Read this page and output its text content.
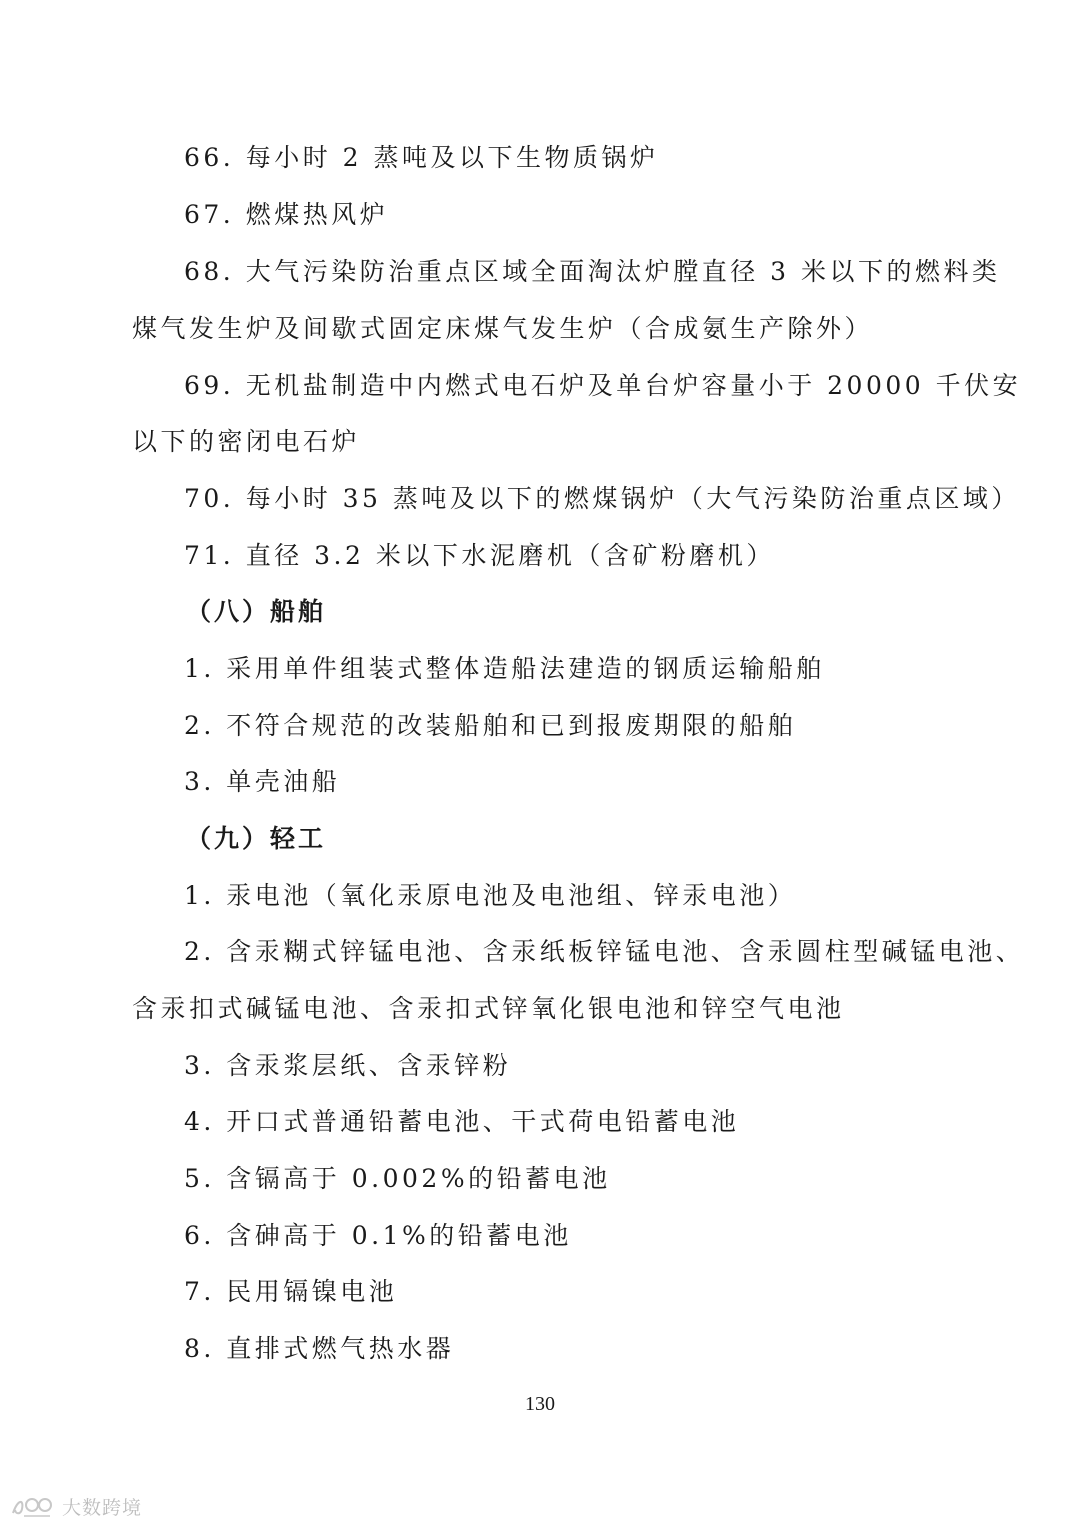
66. 每小时 2 蒸吨及以下生物质锅炉
67. 燃煤热风炉
68. 大气污染防治重点区域全面淘汰炉膛直径 3 米以下的燃料类
煤气发生炉及间歇式固定床煤气发生炉（合成氨生产除外）
69. 无机盐制造中内燃式电石炉及单台炉容量小于 20000 千伏安
以下的密闭电石炉
70. 每小时 35 蒸吨及以下的燃煤锅炉（大气污染防治重点区域）
71. 直径 3.2 米以下水泥磨机（含矿粉磨机）
（八）船舶
1. 采用单件组装式整体造船法建造的钢质运输船舶
2. 不符合规范的改装船舶和已到报废期限的船舶
3. 单壳油船
（九）轻工
1. 汞电池（氧化汞原电池及电池组、锌汞电池）
2. 含汞糊式锌锰电池、含汞纸板锌锰电池、含汞圆柱型碱锰电池、
含汞扣式碱锰电池、含汞扣式锌氧化银电池和锌空气电池
3. 含汞浆层纸、含汞锌粉
4. 开口式普通铅蓄电池、干式荷电铅蓄电池
5. 含镉高于 0.002%的铅蓄电池
6. 含砷高于 0.1%的铅蓄电池
7. 民用镉镍电池
8. 直排式燃气热水器
130
大数跨境
